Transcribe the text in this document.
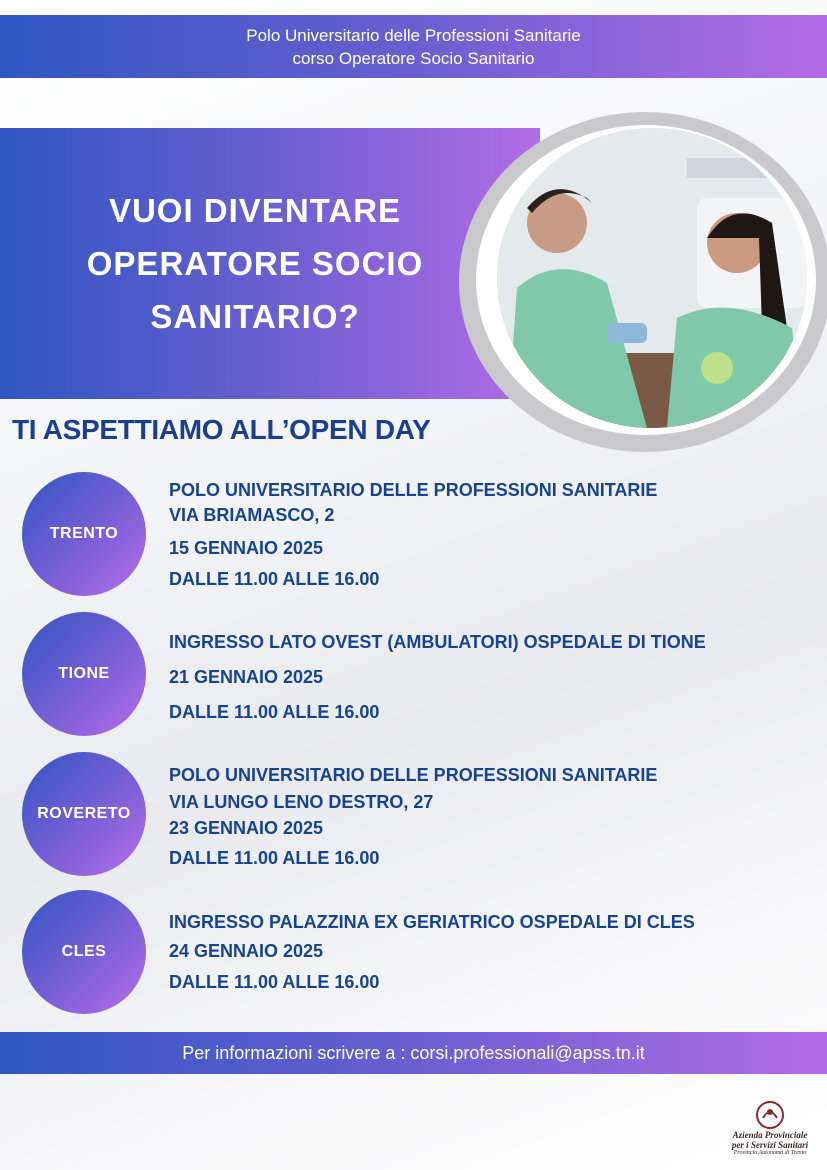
Polo Universitario delle Professioni Sanitarie
corso Operatore Socio Sanitario
VUOI DIVENTARE
OPERATORE SOCIO
SANITARIO?
TI ASPETTIAMO ALL’OPEN DAY
TRENTO
POLO UNIVERSITARIO DELLE PROFESSIONI SANITARIE
VIA BRIAMASCO, 2
15 GENNAIO 2025
DALLE 11.00 ALLE 16.00
TIONE
INGRESSO LATO OVEST (AMBULATORI) OSPEDALE DI TIONE
21 GENNAIO 2025
DALLE 11.00 ALLE 16.00
ROVERETO
POLO UNIVERSITARIO DELLE PROFESSIONI SANITARIE
VIA LUNGO LENO DESTRO, 27
23 GENNAIO 2025
DALLE 11.00 ALLE 16.00
CLES
INGRESSO PALAZZINA EX GERIATRICO OSPEDALE DI CLES
24 GENNAIO 2025
DALLE 11.00 ALLE 16.00
Per informazioni scrivere a : corsi.professionali@apss.tn.it
Azienda Provinciale
per i Servizi Sanitari
Provincia Autonoma di Trento
